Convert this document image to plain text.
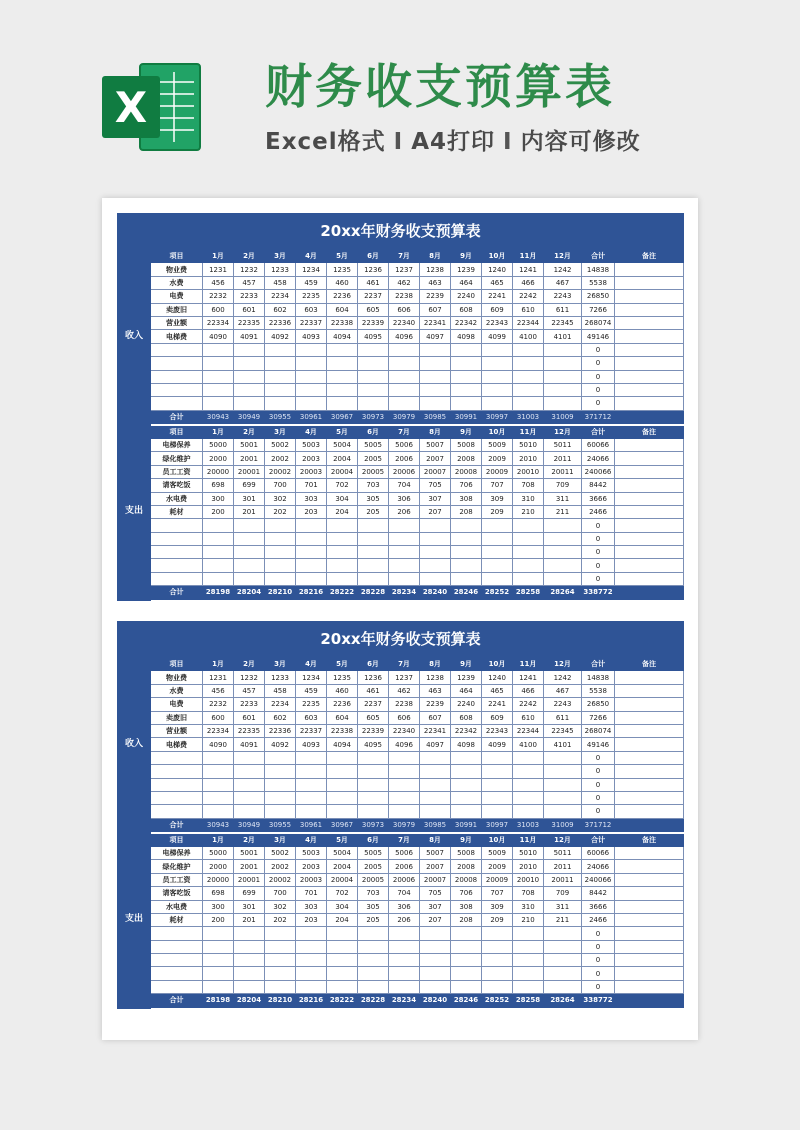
X	财务收支预算表
Excel格式 I A4打印 I 内容可修改
20xx年财务收支预算表
收入	项目	1月	2月	3月	4月	5月	6月	7月	8月	9月	10月	11月	12月	合计	备注
物业费	1231	1232	1233	1234	1235	1236	1237	1238	1239	1240	1241	1242	14838	
水费	456	457	458	459	460	461	462	463	464	465	466	467	5538	
电费	2232	2233	2234	2235	2236	2237	2238	2239	2240	2241	2242	2243	26850	
卖废旧	600	601	602	603	604	605	606	607	608	609	610	611	7266	
营业额	22334	22335	22336	22337	22338	22339	22340	22341	22342	22343	22344	22345	268074	
电梯费	4090	4091	4092	4093	4094	4095	4096	4097	4098	4099	4100	4101	49146	
													0	
													0	
													0	
													0	
													0	
合计	30943	30949	30955	30961	30967	30973	30979	30985	30991	30997	31003	31009	371712	
支出	项目	1月	2月	3月	4月	5月	6月	7月	8月	9月	10月	11月	12月	合计	备注
电梯保养	5000	5001	5002	5003	5004	5005	5006	5007	5008	5009	5010	5011	60066	
绿化维护	2000	2001	2002	2003	2004	2005	2006	2007	2008	2009	2010	2011	24066	
员工工资	20000	20001	20002	20003	20004	20005	20006	20007	20008	20009	20010	20011	240066	
请客吃饭	698	699	700	701	702	703	704	705	706	707	708	709	8442	
水电费	300	301	302	303	304	305	306	307	308	309	310	311	3666	
耗材	200	201	202	203	204	205	206	207	208	209	210	211	2466	
													0	
													0	
													0	
													0	
													0	
合计	28198	28204	28210	28216	28222	28228	28234	28240	28246	28252	28258	28264	338772	
20xx年财务收支预算表
收入	项目	1月	2月	3月	4月	5月	6月	7月	8月	9月	10月	11月	12月	合计	备注
物业费	1231	1232	1233	1234	1235	1236	1237	1238	1239	1240	1241	1242	14838	
水费	456	457	458	459	460	461	462	463	464	465	466	467	5538	
电费	2232	2233	2234	2235	2236	2237	2238	2239	2240	2241	2242	2243	26850	
卖废旧	600	601	602	603	604	605	606	607	608	609	610	611	7266	
营业额	22334	22335	22336	22337	22338	22339	22340	22341	22342	22343	22344	22345	268074	
电梯费	4090	4091	4092	4093	4094	4095	4096	4097	4098	4099	4100	4101	49146	
													0	
													0	
													0	
													0	
													0	
合计	30943	30949	30955	30961	30967	30973	30979	30985	30991	30997	31003	31009	371712	
支出	项目	1月	2月	3月	4月	5月	6月	7月	8月	9月	10月	11月	12月	合计	备注
电梯保养	5000	5001	5002	5003	5004	5005	5006	5007	5008	5009	5010	5011	60066	
绿化维护	2000	2001	2002	2003	2004	2005	2006	2007	2008	2009	2010	2011	24066	
员工工资	20000	20001	20002	20003	20004	20005	20006	20007	20008	20009	20010	20011	240066	
请客吃饭	698	699	700	701	702	703	704	705	706	707	708	709	8442	
水电费	300	301	302	303	304	305	306	307	308	309	310	311	3666	
耗材	200	201	202	203	204	205	206	207	208	209	210	211	2466	
													0	
													0	
													0	
													0	
													0	
合计	28198	28204	28210	28216	28222	28228	28234	28240	28246	28252	28258	28264	338772	
